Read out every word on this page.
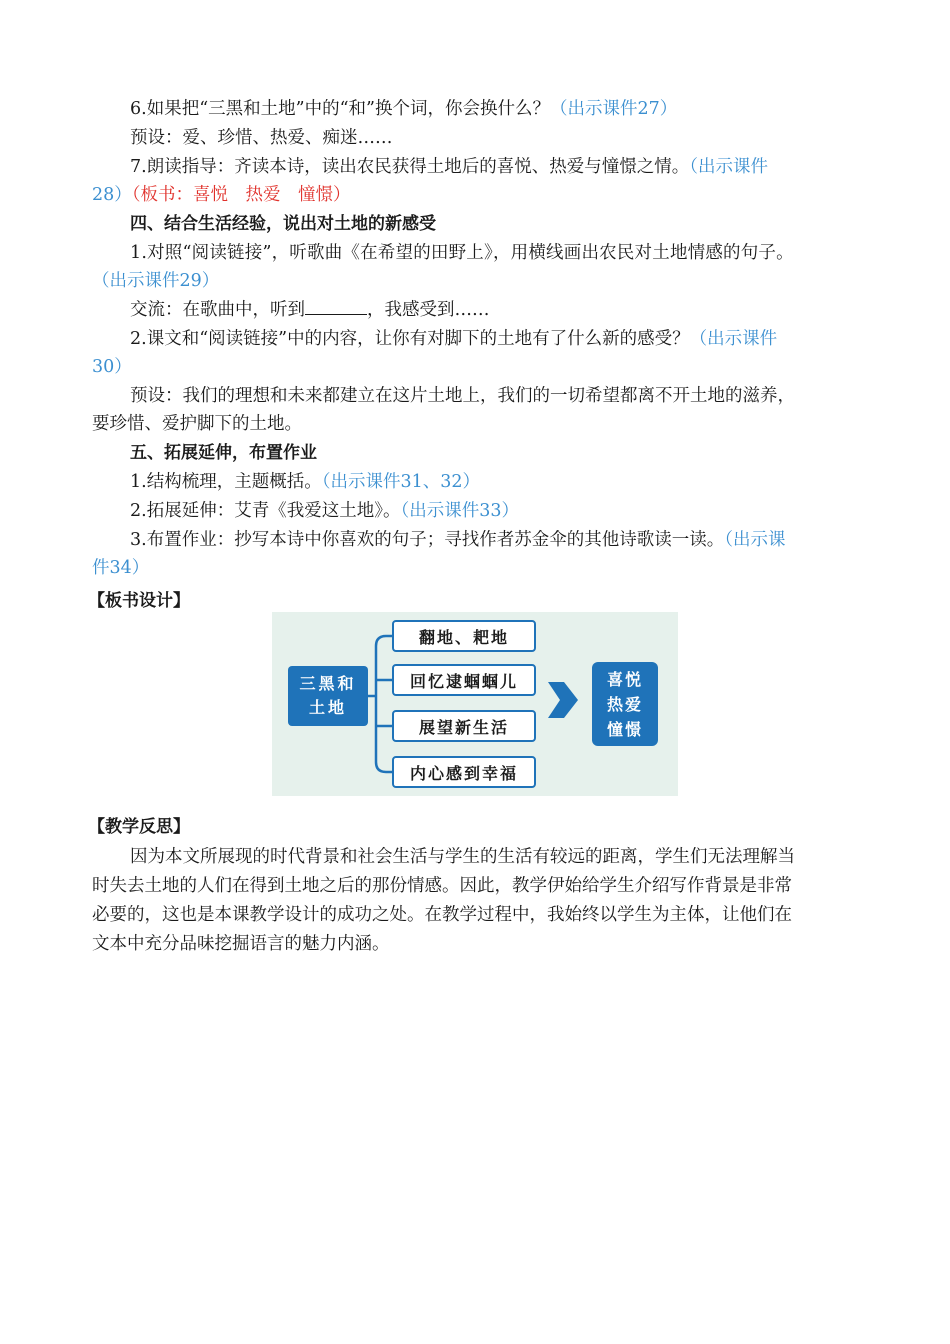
6.如果把“三黑和土地”中的“和”换个词，你会换什么？（出示课件27）
预设：爱、珍惜、热爱、痴迷……
7.朗读指导：齐读本诗，读出农民获得土地后的喜悦、热爱与憧憬之情。（出示课件
28）（板书：喜悦　热爱　憧憬）
四、结合生活经验，说出对土地的新感受
1.对照“阅读链接”，听歌曲《在希望的田野上》，用横线画出农民对土地情感的句子。
（出示课件29）
交流：在歌曲中，听到	，我感受到……
2.课文和“阅读链接”中的内容，让你有对脚下的土地有了什么新的感受？（出示课件
30）
预设：我们的理想和未来都建立在这片土地上，我们的一切希望都离不开土地的滋养，
要珍惜、爱护脚下的土地。
五、拓展延伸，布置作业
1.结构梳理，主题概括。（出示课件31、32）
2.拓展延伸：艾青《我爱这土地》。（出示课件33）
3.布置作业：抄写本诗中你喜欢的句子；寻找作者苏金伞的其他诗歌读一读。（出示课
件34）
【板书设计】
三黑和土地
翻地、耙地
回忆逮蝈蝈儿
展望新生活
内心感到幸福
喜悦热爱憧憬
【教学反思】
因为本文所展现的时代背景和社会生活与学生的生活有较远的距离，学生们无法理解当
时失去土地的人们在得到土地之后的那份情感。因此，教学伊始给学生介绍写作背景是非常
必要的，这也是本课教学设计的成功之处。在教学过程中，我始终以学生为主体，让他们在
文本中充分品味挖掘语言的魅力内涵。
